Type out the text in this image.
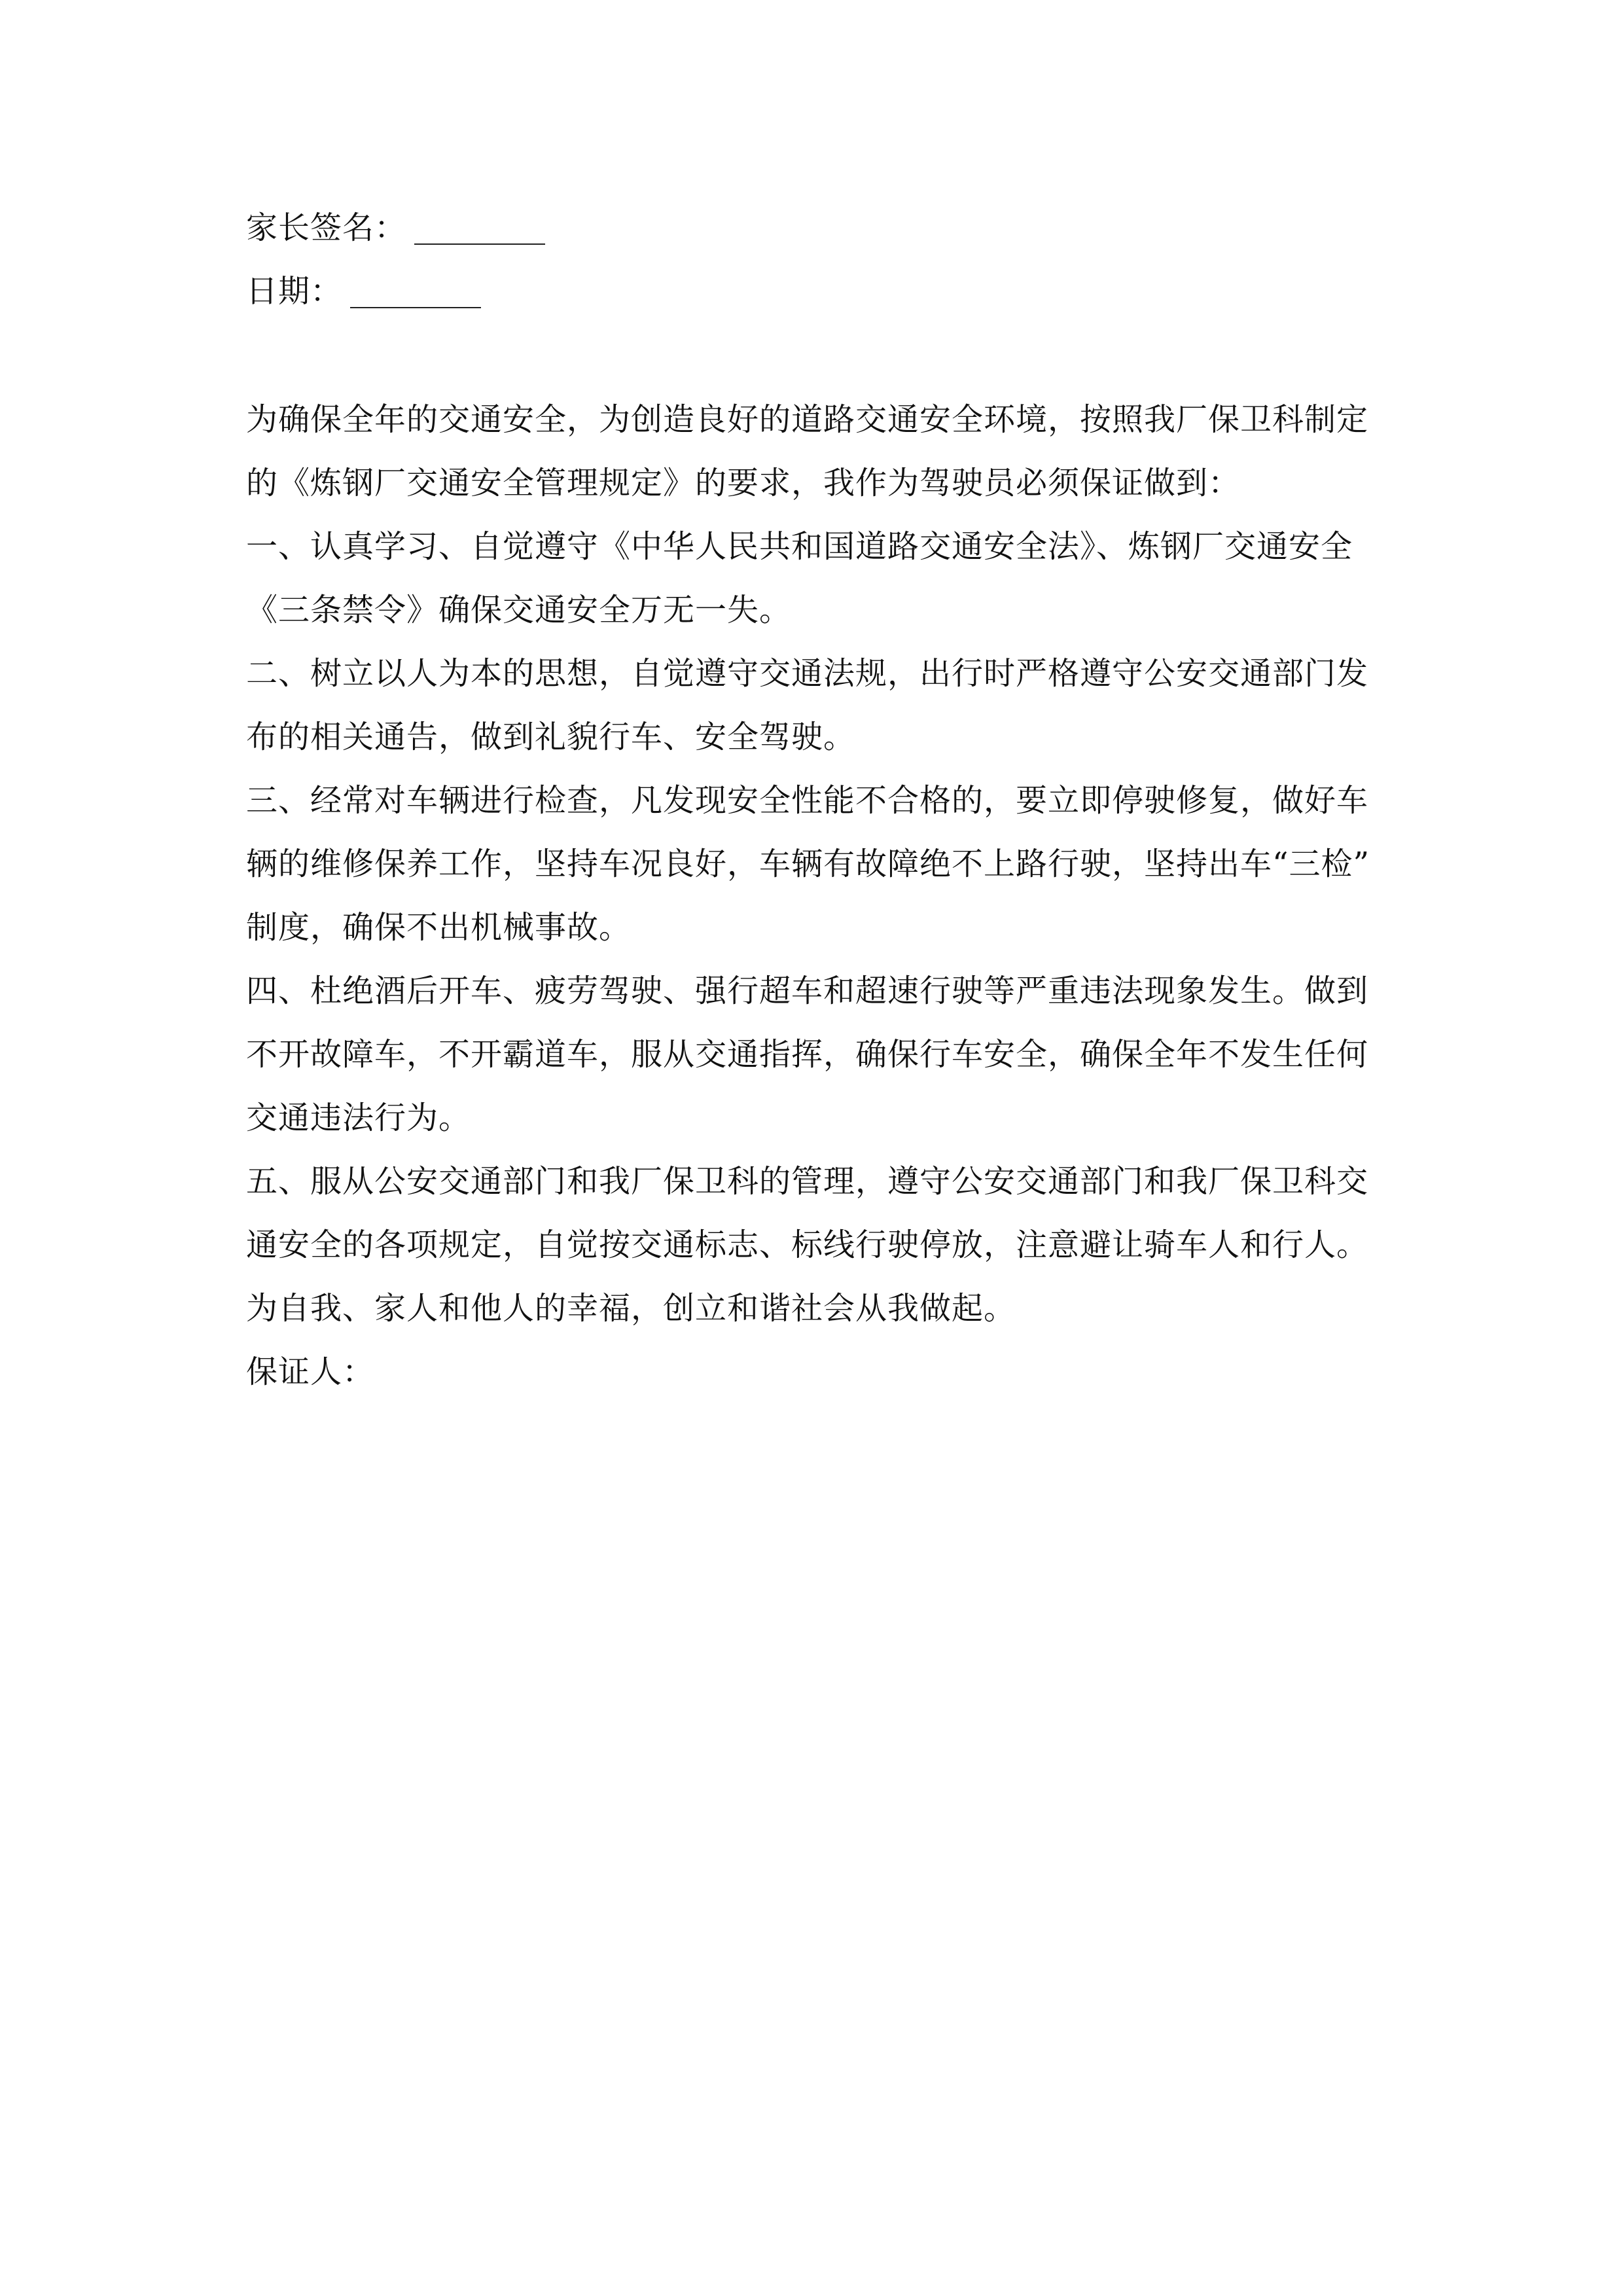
家长签名：
日期：
为确保全年的交通安全，为创造良好的道路交通安全环境，按照我厂保卫科制定
的《炼钢厂交通安全管理规定》的要求，我作为驾驶员必须保证做到：
一、认真学习、自觉遵守《中华人民共和国道路交通安全法》、炼钢厂交通安全
《三条禁令》确保交通安全万无一失。
二、树立以人为本的思想，自觉遵守交通法规，出行时严格遵守公安交通部门发
布的相关通告，做到礼貌行车、安全驾驶。
三、经常对车辆进行检查，凡发现安全性能不合格的，要立即停驶修复，做好车
辆的维修保养工作，坚持车况良好，车辆有故障绝不上路行驶，坚持出车“三检”
制度，确保不出机械事故。
四、杜绝酒后开车、疲劳驾驶、强行超车和超速行驶等严重违法现象发生。做到
不开故障车，不开霸道车，服从交通指挥，确保行车安全，确保全年不发生任何
交通违法行为。
五、服从公安交通部门和我厂保卫科的管理，遵守公安交通部门和我厂保卫科交
通安全的各项规定，自觉按交通标志、标线行驶停放，注意避让骑车人和行人。
为自我、家人和他人的幸福，创立和谐社会从我做起。
保证人：
